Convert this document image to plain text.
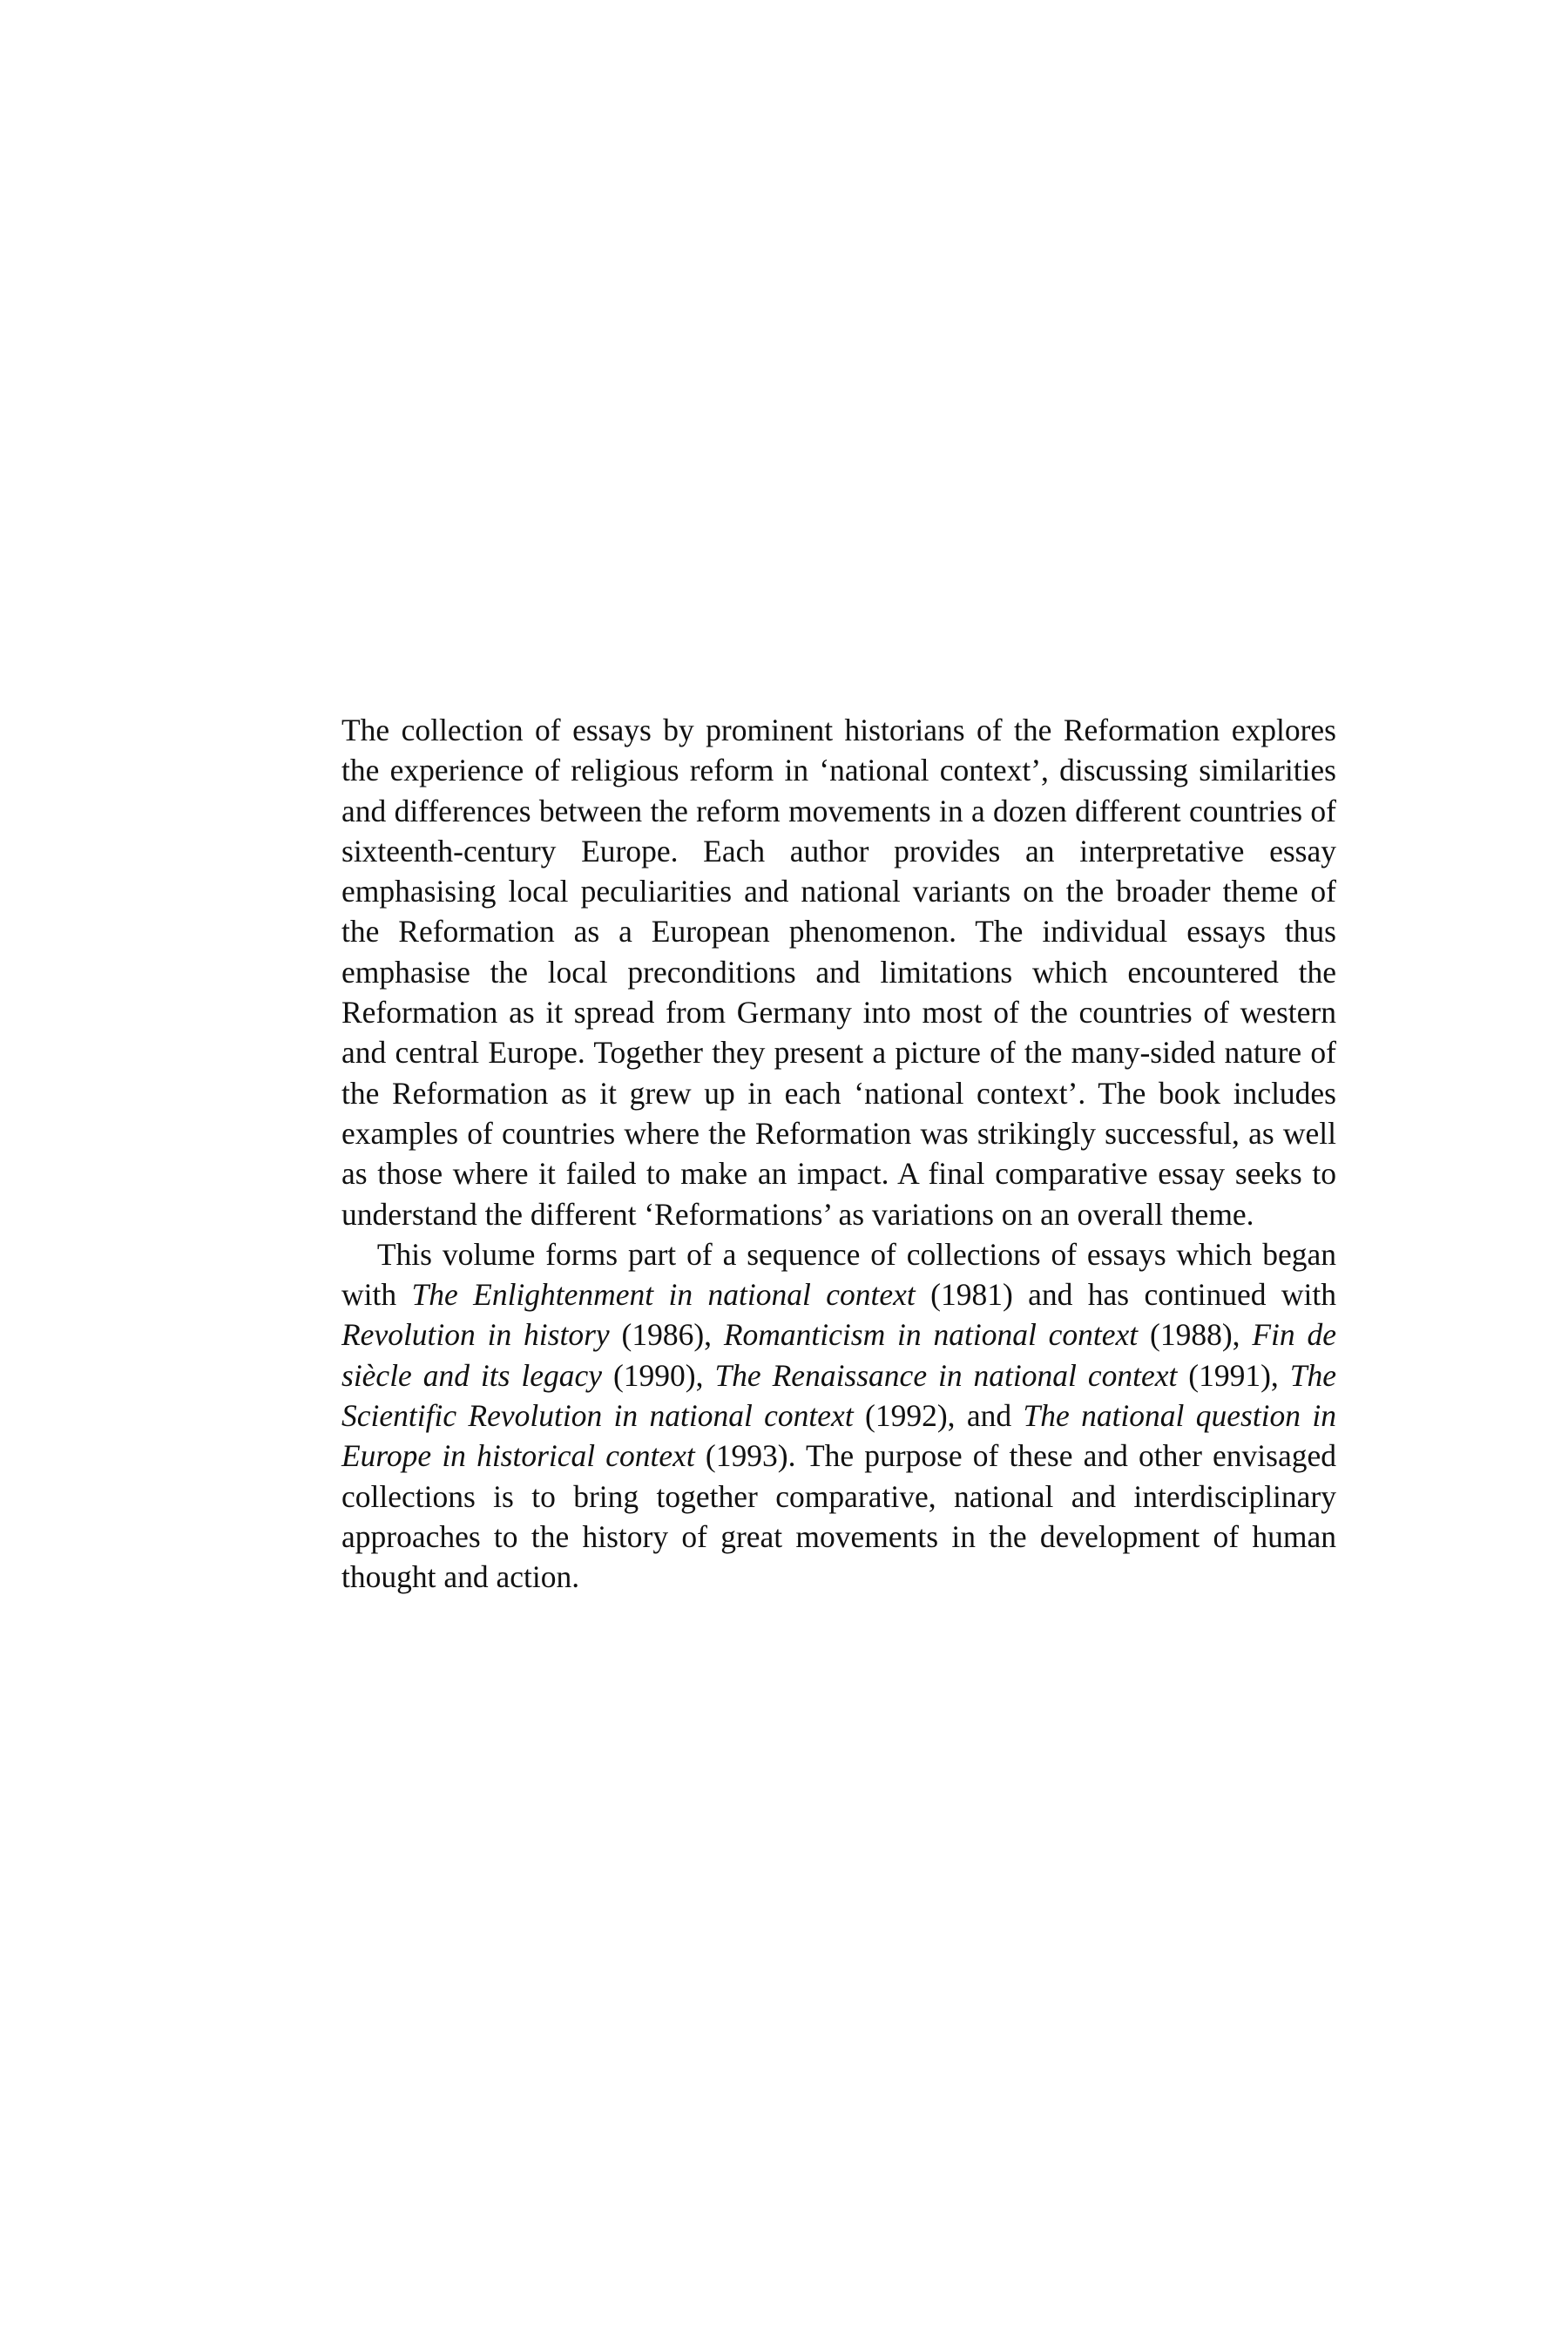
The collection of essays by prominent historians of the Reformation explores the experience of religious reform in ‘national context’, discussing similarities and differences between the reform movements in a dozen different countries of sixteenth-century Europe. Each author provides an interpretative essay emphasising local peculiarities and national variants on the broader theme of the Reformation as a European phenomenon. The individual essays thus emphasise the local preconditions and limitations which encountered the Reformation as it spread from Germany into most of the countries of western and central Europe. Together they present a picture of the many-sided nature of the Reformation as it grew up in each ‘national context’. The book includes examples of countries where the Reformation was strikingly successful, as well as those where it failed to make an impact. A final comparative essay seeks to understand the different ‘Reformations’ as variations on an overall theme.

This volume forms part of a sequence of collections of essays which began with The Enlightenment in national context (1981) and has continued with Revolution in history (1986), Romanticism in national context (1988), Fin de siècle and its legacy (1990), The Renaissance in national context (1991), The Scientific Revolution in national context (1992), and The national question in Europe in historical context (1993). The purpose of these and other envisaged collections is to bring together comparative, national and interdisciplinary approaches to the history of great movements in the development of human thought and action.
